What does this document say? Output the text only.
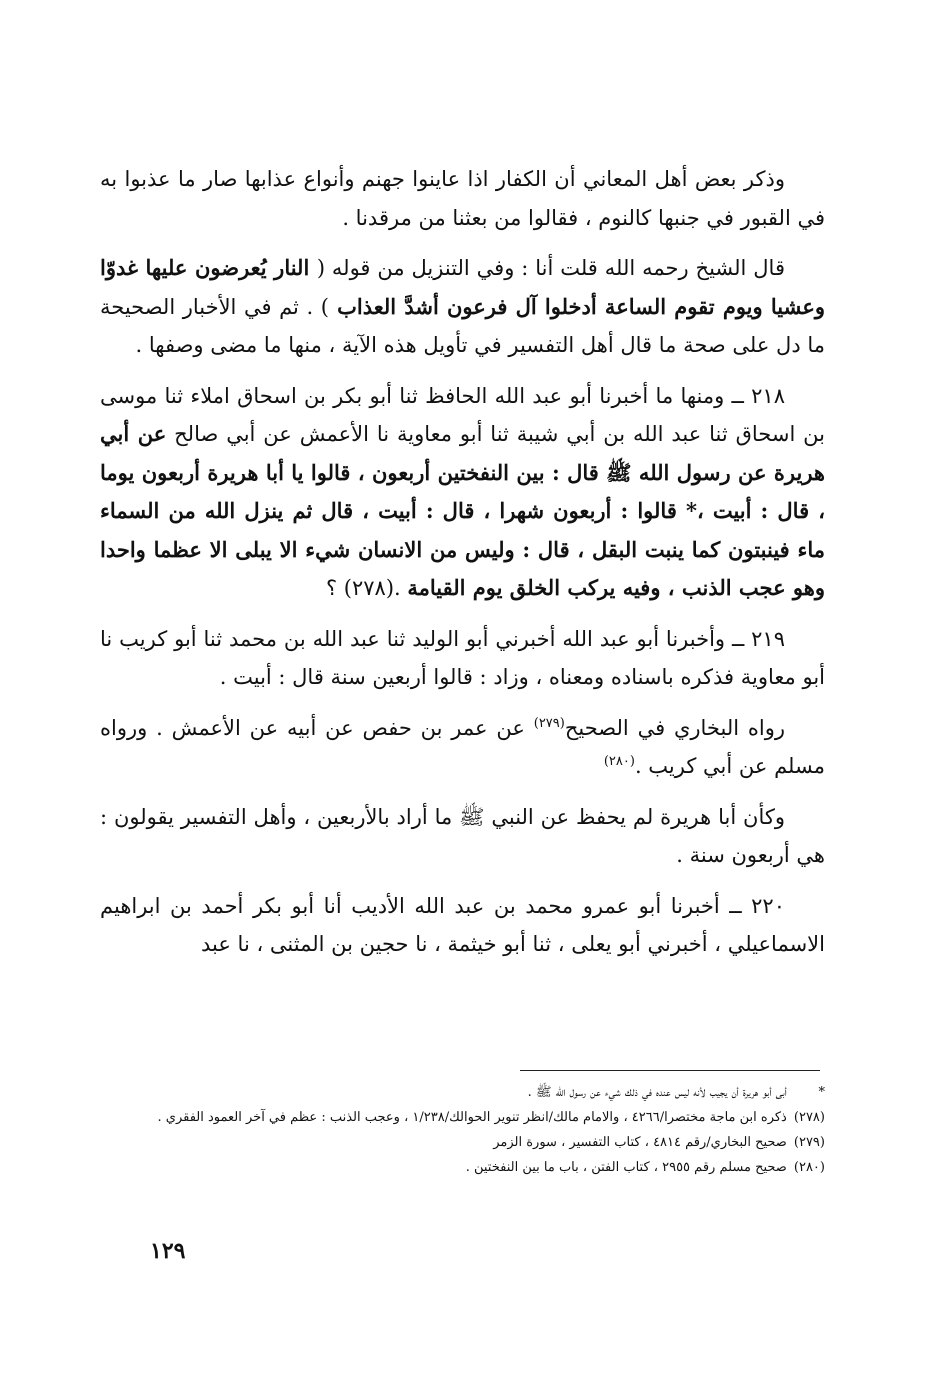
وذكر بعض أهل المعاني أن الكفار اذا عاينوا جهنم وأنواع عذابها صار ما عذبوا به في القبور في جنبها كالنوم ، فقالوا من بعثنا من مرقدنا .

قال الشيخ رحمه الله قلت أنا : وفي التنزيل من قوله ( النار يُعرضون عليها غدوّا وعشيا ويوم تقوم الساعة أدخلوا آل فرعون أشدَّ العذاب ) . ثم في الأخبار الصحيحة ما دل على صحة ما قال أهل التفسير في تأويل هذه الآية ، منها ما مضى وصفها .

٢١٨ ــ ومنها ما أخبرنا أبو عبد الله الحافظ ثنا أبو بكر بن اسحاق املاء ثنا موسى بن اسحاق ثنا عبد الله بن أبي شيبة ثنا أبو معاوية نا الأعمش عن أبي صالح عن أبي هريرة عن رسول الله ﷺ قال : بين النفختين أربعون ، قالوا يا أبا هريرة أربعون يوما ، قال : أبيت ،* قالوا : أربعون شهرا ، قال : أبيت ، قال ثم ينزل الله من السماء ماء فينبتون كما ينبت البقل ، قال : وليس من الانسان شيء الا يبلى الا عظما واحدا وهو عجب الذنب ، وفيه يركب الخلق يوم القيامة .(٢٧٨) ؟

٢١٩ ــ وأخبرنا أبو عبد الله أخبرني أبو الوليد ثنا عبد الله بن محمد ثنا أبو كريب نا أبو معاوية فذكره باسناده ومعناه ، وزاد : قالوا أربعين سنة قال : أبيت .

رواه البخاري في الصحيح$^{(٢٧٩)}$ عن عمر بن حفص عن أبيه عن الأعمش . ورواه مسلم عن أبي كريب .$^{(٢٨٠)}$

وكأن أبا هريرة لم يحفظ عن النبي ﷺ ما أراد بالأربعين ، وأهل التفسير يقولون : هي أربعون سنة .

٢٢٠ ــ أخبرنا أبو عمرو محمد بن عبد الله الأديب أنا أبو بكر أحمد بن ابراهيم الاسماعيلي ، أخبرني أبو يعلى ، ثنا أبو خيثمة ، نا حجين بن المثنى ، نا عبد

* أبى أبو هريرة أن يجيب لأنه ليس عنده في ذلك شيء عن رسول الله ﷺ .

(٢٧٨) ذكره ابن ماجة مختصرا/٤٢٦٦ ، والامام مالك/انظر تنوير الحوالك/١/٢٣٨ ، وعجب الذنب : عظم في آخر العمود الفقري .

(٢٧٩) صحيح البخاري/رقم ٤٨١٤ ، كتاب التفسير ، سورة الزمر

(٢٨٠) صحيح مسلم رقم ٢٩٥٥ ، كتاب الفتن ، باب ما بين النفختين .

١٢٩
